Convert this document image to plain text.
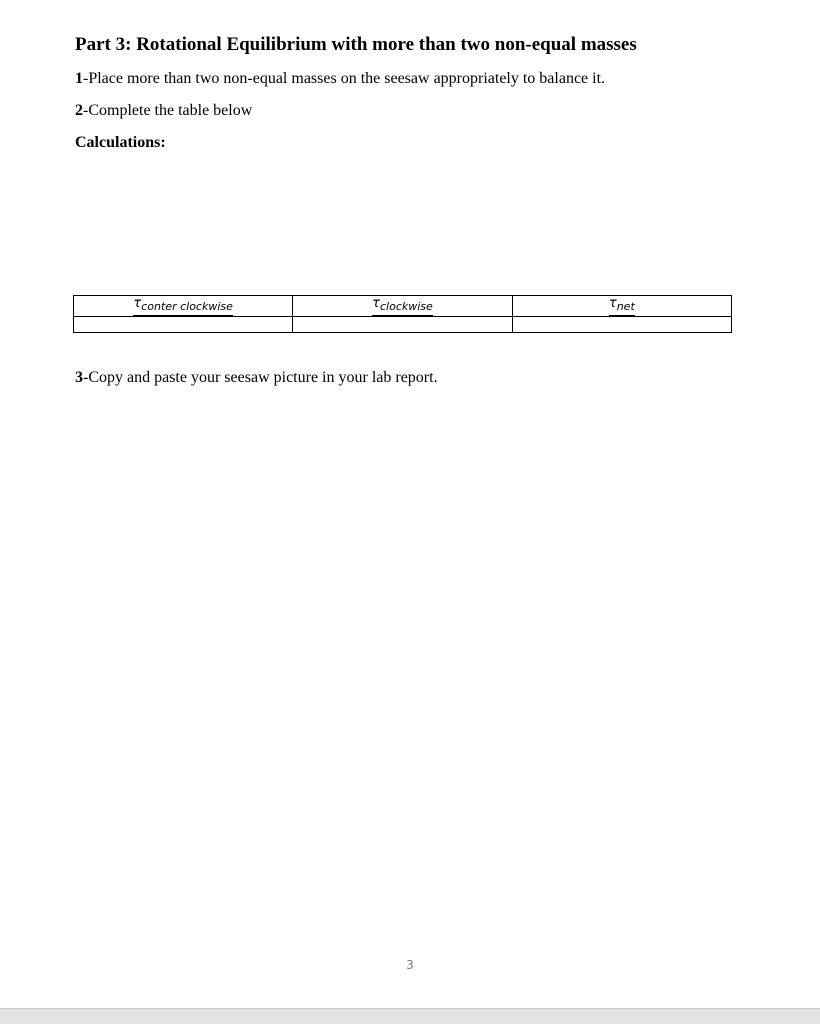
Part 3: Rotational Equilibrium with more than two non-equal masses
1-Place more than two non-equal masses on the seesaw appropriately to balance it.
2-Complete the table below
Calculations:
τconter clockwise	τclockwise	τnet

3-Copy and paste your seesaw picture in your lab report.
3
